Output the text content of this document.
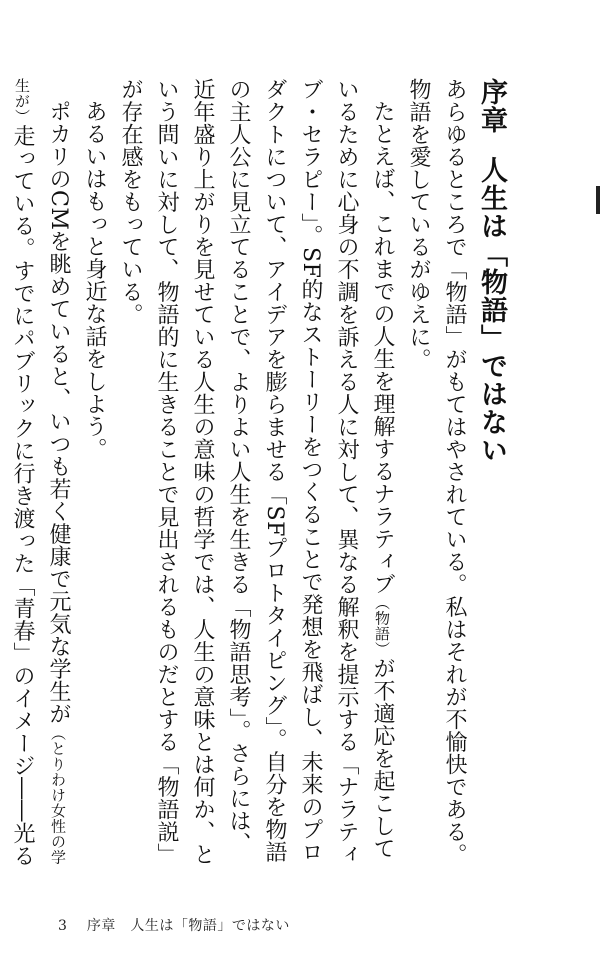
序章人生は「物語」ではない

あらゆるところで「物語」がもてはやされている。私はそれが不愉快である。物語を愛しているがゆえに。

たとえば、これまでの人生を理解するナラティブ（物語）が不適応を起こしているために心身の不調を訴える人に対して、異なる解釈を提示する「ナラティブ・セラピー」。SF的なストーリーをつくることで発想を飛ばし、未来のプロダクトについて、アイデアを膨らませる「SFプロトタイピング」。自分を物語の主人公に見立てることで、よりよい人生を生きる「物語思考」。さらには、近年盛り上がりを見せている人生の意味の哲学では、人生の意味とは何か、という問いに対して、物語的に生きることで見出されるものだとする「物語説」が存在感をもっている。

あるいはもっと身近な話をしよう。

ポカリのCMを眺めていると、いつも若く健康で元気な学生が（とりわけ女性の学生が）走っている。すでにパブリックに行き渡った「青春」のイメージ――光る

3 序章　人生は「物語」ではない
